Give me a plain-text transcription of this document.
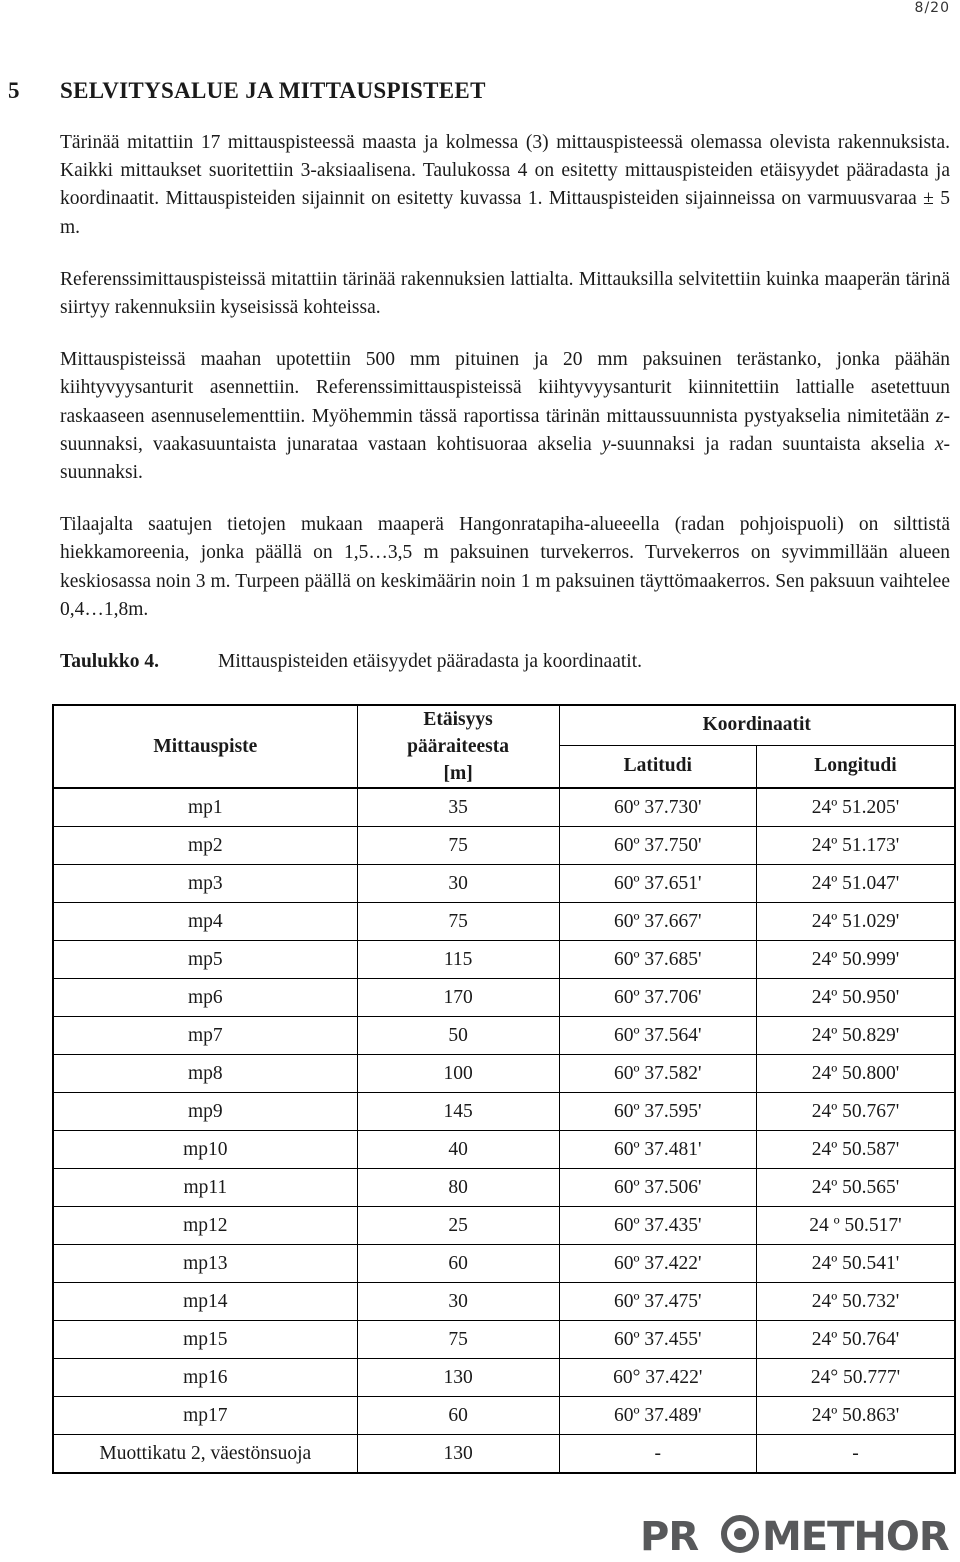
8/20
5 SELVITYSALUE JA MITTAUSPISTEET

Tärinää mitattiin 17 mittauspisteessä maasta ja kolmessa (3) mittauspisteessä olemassa olevista rakennuksista. Kaikki mittaukset suoritettiin 3-aksiaalisena. Taulukossa 4 on esitetty mittauspisteiden etäisyydet pääradasta ja koordinaatit. Mittauspisteiden sijainnit on esitetty kuvassa 1. Mittauspisteiden sijainneissa on varmuusvaraa ± 5 m.

Referenssimittauspisteissä mitattiin tärinää rakennuksien lattialta. Mittauksilla selvitettiin kuinka maaperän tärinä siirtyy rakennuksiin kyseisissä kohteissa.

Mittauspisteissä maahan upotettiin 500 mm pituinen ja 20 mm paksuinen terästanko, jonka päähän kiihtyvyysanturit asennettiin. Referenssimittauspisteissä kiihtyvyysanturit kiinnitettiin lattialle asetettuun raskaaseen asennuselementtiin. Myöhemmin tässä raportissa tärinän mittaussuunnista pystyakselia nimitetään z-suunnaksi, vaakasuuntaista junarataa vastaan kohtisuoraa akselia y-suunnaksi ja radan suuntaista akselia x-suunnaksi.

Tilaajalta saatujen tietojen mukaan maaperä Hangonratapiha-alueeella (radan pohjoispuoli) on silttistä hiekkamoreenia, jonka päällä on 1,5…3,5 m paksuinen turvekerros. Turvekerros on syvimmillään alueen keskiosassa noin 3 m. Turpeen päällä on keskimäärin noin 1 m paksuinen täyttömaakerros. Sen paksuun vaihtelee 0,4…1,8m.

Taulukko 4.	Mittauspisteiden etäisyydet pääradasta ja koordinaatit.
Mittauspiste	Etäisyys pääraiteesta [m]	Koordinaatit	
		Latitudi	Longitudi
mp1	35	60º 37.730'	24º 51.205'
mp2	75	60º 37.750'	24º 51.173'
mp3	30	60º 37.651'	24º 51.047'
mp4	75	60º 37.667'	24º 51.029'
mp5	115	60º 37.685'	24º 50.999'
mp6	170	60º 37.706'	24º 50.950'
mp7	50	60º 37.564'	24º 50.829'
mp8	100	60º 37.582'	24º 50.800'
mp9	145	60º 37.595'	24º 50.767'
mp10	40	60º 37.481'	24º 50.587'
mp11	80	60º 37.506'	24º 50.565'
mp12	25	60º 37.435'	24 º 50.517'
mp13	60	60º 37.422'	24º 50.541'
mp14	30	60º 37.475'	24º 50.732'
mp15	75	60º 37.455'	24º 50.764'
mp16	130	60° 37.422'	24° 50.777'
mp17	60	60º 37.489'	24º 50.863'
Muottikatu 2, väestönsuoja	130	-	-
PR METHOR
